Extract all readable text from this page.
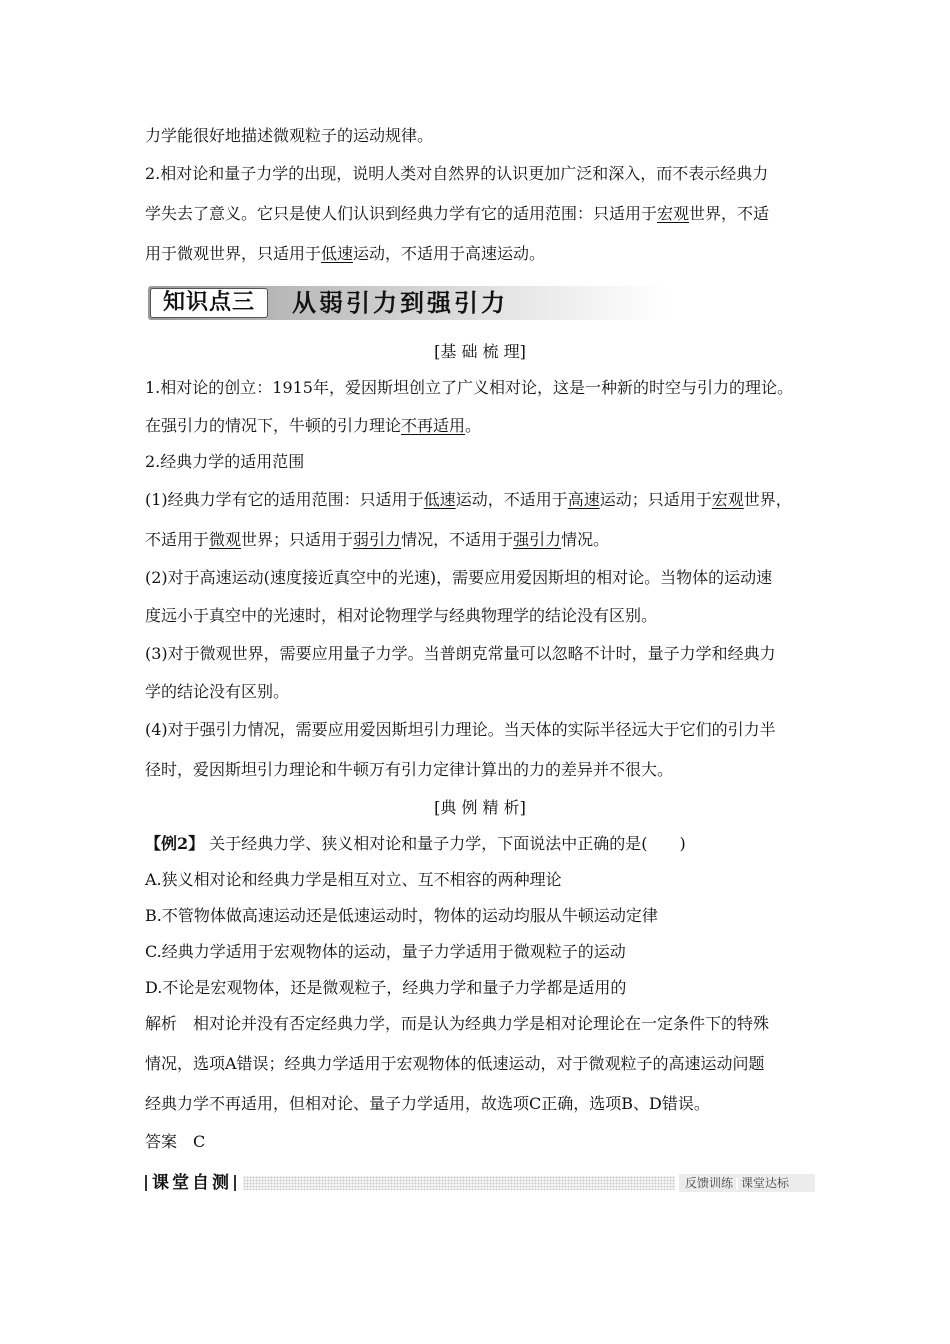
力学能很好地描述微观粒子的运动规律。
2.相对论和量子力学的出现，说明人类对自然界的认识更加广泛和深入，而不表示经典力
学失去了意义。它只是使人们认识到经典力学有它的适用范围：只适用于宏观世界，不适
用于微观世界，只适用于低速运动，不适用于高速运动。
知识点三	从弱引力到强引力
[基 础 梳 理]
1.相对论的创立：1915年，爱因斯坦创立了广义相对论，这是一种新的时空与引力的理论。
在强引力的情况下，牛顿的引力理论不再适用。
2.经典力学的适用范围
(1)经典力学有它的适用范围：只适用于低速运动，不适用于高速运动；只适用于宏观世界，
不适用于微观世界；只适用于弱引力情况，不适用于强引力情况。
(2)对于高速运动(速度接近真空中的光速)，需要应用爱因斯坦的相对论。当物体的运动速
度远小于真空中的光速时，相对论物理学与经典物理学的结论没有区别。
(3)对于微观世界，需要应用量子力学。当普朗克常量可以忽略不计时，量子力学和经典力
学的结论没有区别。
(4)对于强引力情况，需要应用爱因斯坦引力理论。当天体的实际半径远大于它们的引力半
径时，爱因斯坦引力理论和牛顿万有引力定律计算出的力的差异并不很大。
[典 例 精 析]
【例2】 关于经典力学、狭义相对论和量子力学，下面说法中正确的是(　　)
A.狭义相对论和经典力学是相互对立、互不相容的两种理论
B.不管物体做高速运动还是低速运动时，物体的运动均服从牛顿运动定律
C.经典力学适用于宏观物体的运动，量子力学适用于微观粒子的运动
D.不论是宏观物体，还是微观粒子，经典力学和量子力学都是适用的
解析　相对论并没有否定经典力学，而是认为经典力学是相对论理论在一定条件下的特殊
情况，选项A错误；经典力学适用于宏观物体的低速运动，对于微观粒子的高速运动问题
经典力学不再适用，但相对论、量子力学适用，故选项C正确，选项B、D错误。
答案　C
课堂自测	反馈训练 课堂达标
